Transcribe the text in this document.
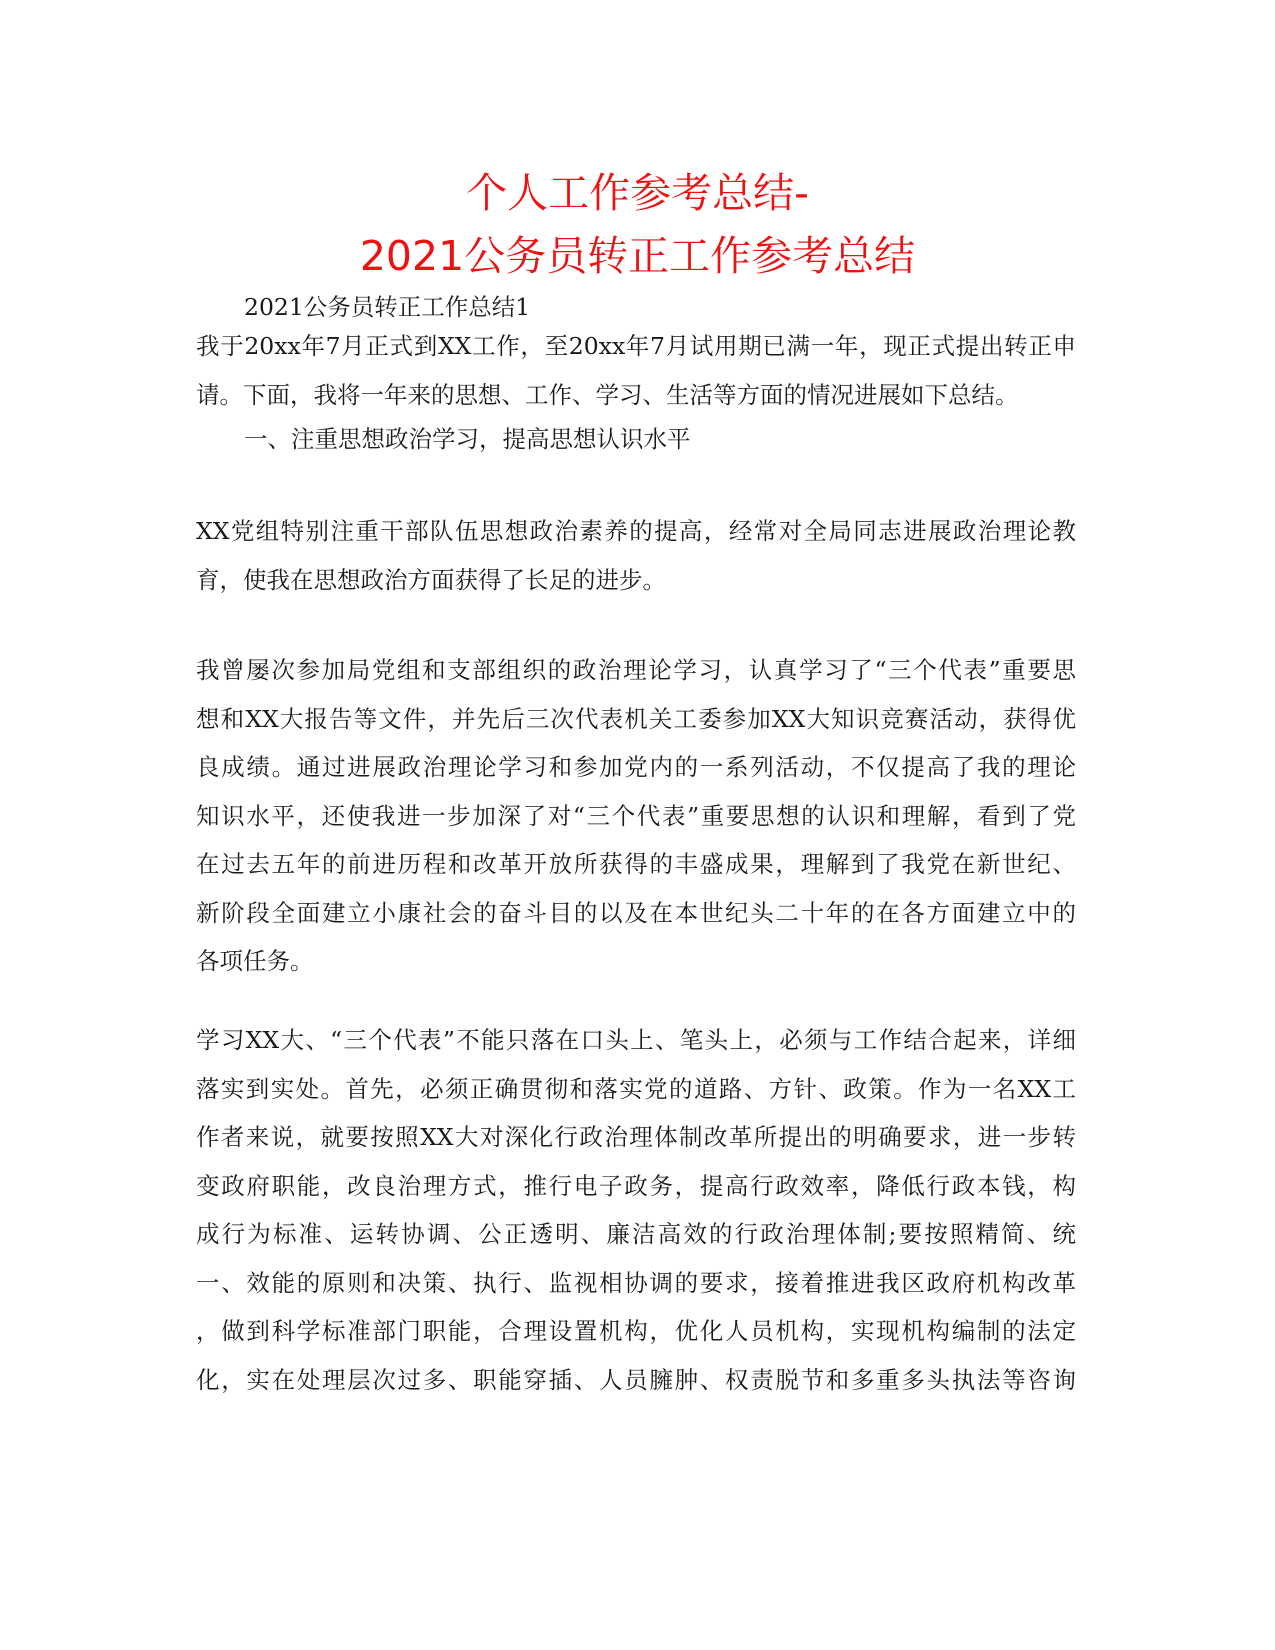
个人工作参考总结-
2021公务员转正工作参考总结

2021公务员转正工作总结1

我于20xx年7月正式到XX工作，至20xx年7月试用期已满一年，现正式提出转正申
请。下面，我将一年来的思想、工作、学习、生活等方面的情况进展如下总结。

一、注重思想政治学习，提高思想认识水平

XX党组特别注重干部队伍思想政治素养的提高，经常对全局同志进展政治理论教
育，使我在思想政治方面获得了长足的进步。

我曾屡次参加局党组和支部组织的政治理论学习，认真学习了“三个代表”重要思
想和XX大报告等文件，并先后三次代表机关工委参加XX大知识竞赛活动，获得优
良成绩。通过进展政治理论学习和参加党内的一系列活动，不仅提高了我的理论
知识水平，还使我进一步加深了对“三个代表”重要思想的认识和理解，看到了党
在过去五年的前进历程和改革开放所获得的丰盛成果，理解到了我党在新世纪、
新阶段全面建立小康社会的奋斗目的以及在本世纪头二十年的在各方面建立中的
各项任务。

学习XX大、“三个代表”不能只落在口头上、笔头上，必须与工作结合起来，详细
落实到实处。首先，必须正确贯彻和落实党的道路、方针、政策。作为一名XX工
作者来说，就要按照XX大对深化行政治理体制改革所提出的明确要求，进一步转
变政府职能，改良治理方式，推行电子政务，提高行政效率，降低行政本钱，构
成行为标准、运转协调、公正透明、廉洁高效的行政治理体制;要按照精简、统
一、效能的原则和决策、执行、监视相协调的要求，接着推进我区政府机构改革
，做到科学标准部门职能，合理设置机构，优化人员机构，实现机构编制的法定
化，实在处理层次过多、职能穿插、人员臃肿、权责脱节和多重多头执法等咨询
